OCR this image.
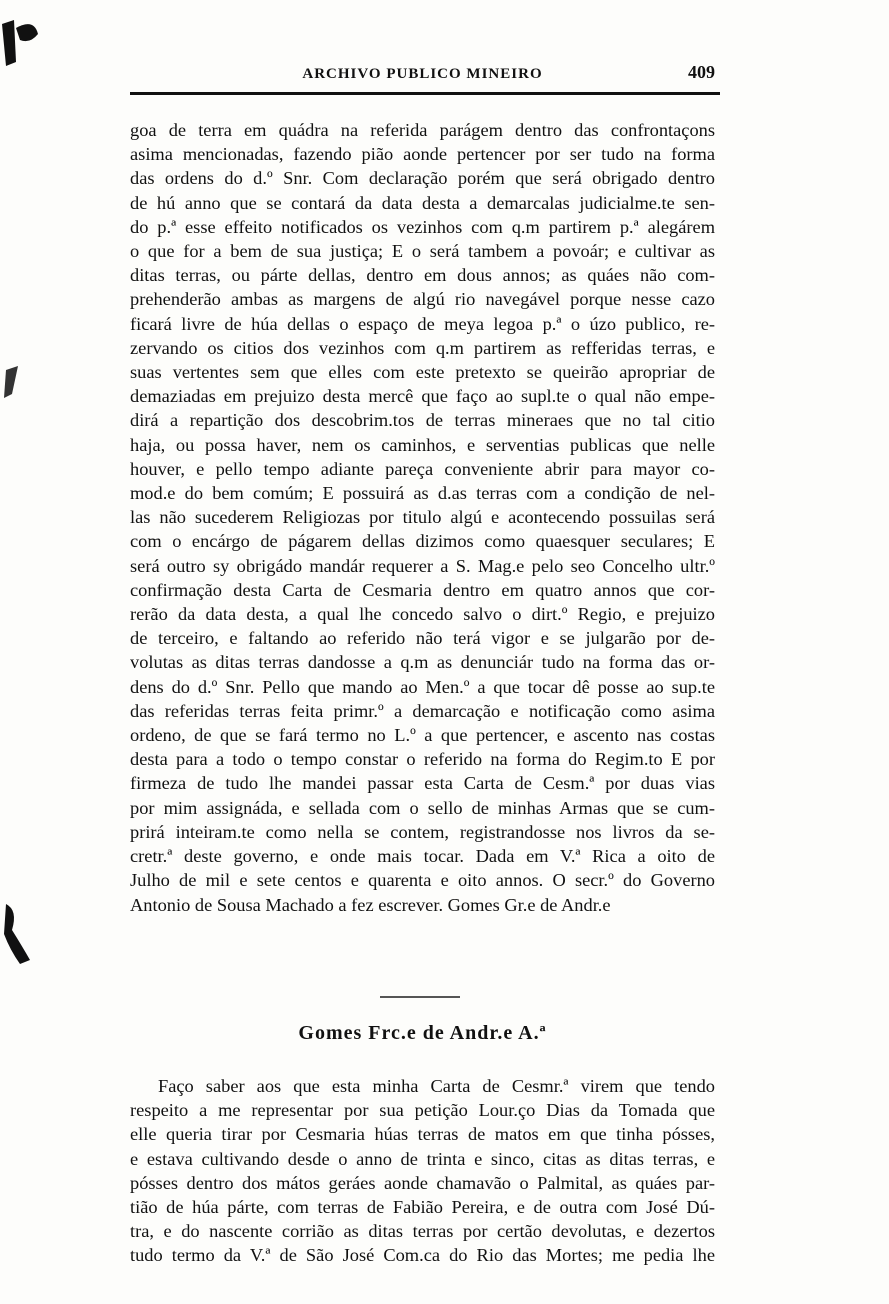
ARCHIVO PUBLICO MINEIRO	409
goa de terra em quádra na referida parágem dentro das confrontaçons
asima mencionadas, fazendo pião aonde pertencer por ser tudo na forma
das ordens do d.º Snr. Com declaração porém que será obrigado dentro
de hú anno que se contará da data desta a demarcalas judicialme.te sen-
do p.ª esse effeito notificados os vezinhos com q.m partirem p.ª alegárem
o que for a bem de sua justiça; E o será tambem a povoár; e cultivar as
ditas terras, ou párte dellas, dentro em dous annos; as quáes não com-
prehenderão ambas as margens de algú rio navegável porque nesse cazo
ficará livre de húa dellas o espaço de meya legoa p.ª o úzo publico, re-
zervando os citios dos vezinhos com q.m partirem as refferidas terras, e
suas vertentes sem que elles com este pretexto se queirão apropriar de
demaziadas em prejuizo desta mercê que faço ao supl.te o qual não empe-
dirá a repartição dos descobrim.tos de terras mineraes que no tal citio
haja, ou possa haver, nem os caminhos, e serventias publicas que nelle
houver, e pello tempo adiante pareça conveniente abrir para mayor co-
mod.e do bem comúm; E possuirá as d.as terras com a condição de nel-
las não sucederem Religiozas por titulo algú e acontecendo possuilas será
com o encárgo de págarem dellas dizimos como quaesquer seculares; E
será outro sy obrigádo mandár requerer a S. Mag.e pelo seo Concelho ultr.º
confirmação desta Carta de Cesmaria dentro em quatro annos que cor-
rerão da data desta, a qual lhe concedo salvo o dirt.º Regio, e prejuizo
de terceiro, e faltando ao referido não terá vigor e se julgarão por de-
volutas as ditas terras dandosse a q.m as denunciár tudo na forma das or-
dens do d.º Snr. Pello que mando ao Men.º a que tocar dê posse ao sup.te
das referidas terras feita primr.º a demarcação e notificação como asima
ordeno, de que se fará termo no L.º a que pertencer, e ascento nas costas
desta para a todo o tempo constar o referido na forma do Regim.to E por
firmeza de tudo lhe mandei passar esta Carta de Cesm.ª por duas vias
por mim assignáda, e sellada com o sello de minhas Armas que se cum-
prirá inteiram.te como nella se contem, registrandosse nos livros da se-
cretr.ª deste governo, e onde mais tocar. Dada em V.ª Rica a oito de
Julho de mil e sete centos e quarenta e oito annos. O secr.º do Governo
Antonio de Sousa Machado a fez escrever. Gomes Gr.e de Andr.e
Gomes Frc.e de Andr.e A.ª
Faço saber aos que esta minha Carta de Cesmr.ª virem que tendo
respeito a me representar por sua petição Lour.ço Dias da Tomada que
elle queria tirar por Cesmaria húas terras de matos em que tinha pósses,
e estava cultivando desde o anno de trinta e sinco, citas as ditas terras, e
pósses dentro dos mátos geráes aonde chamavão o Palmital, as quáes par-
tião de húa párte, com terras de Fabião Pereira, e de outra com José Dú-
tra, e do nascente corrião as ditas terras por certão devolutas, e dezertos
tudo termo da V.ª de São José Com.ca do Rio das Mortes; me pedia lhe
